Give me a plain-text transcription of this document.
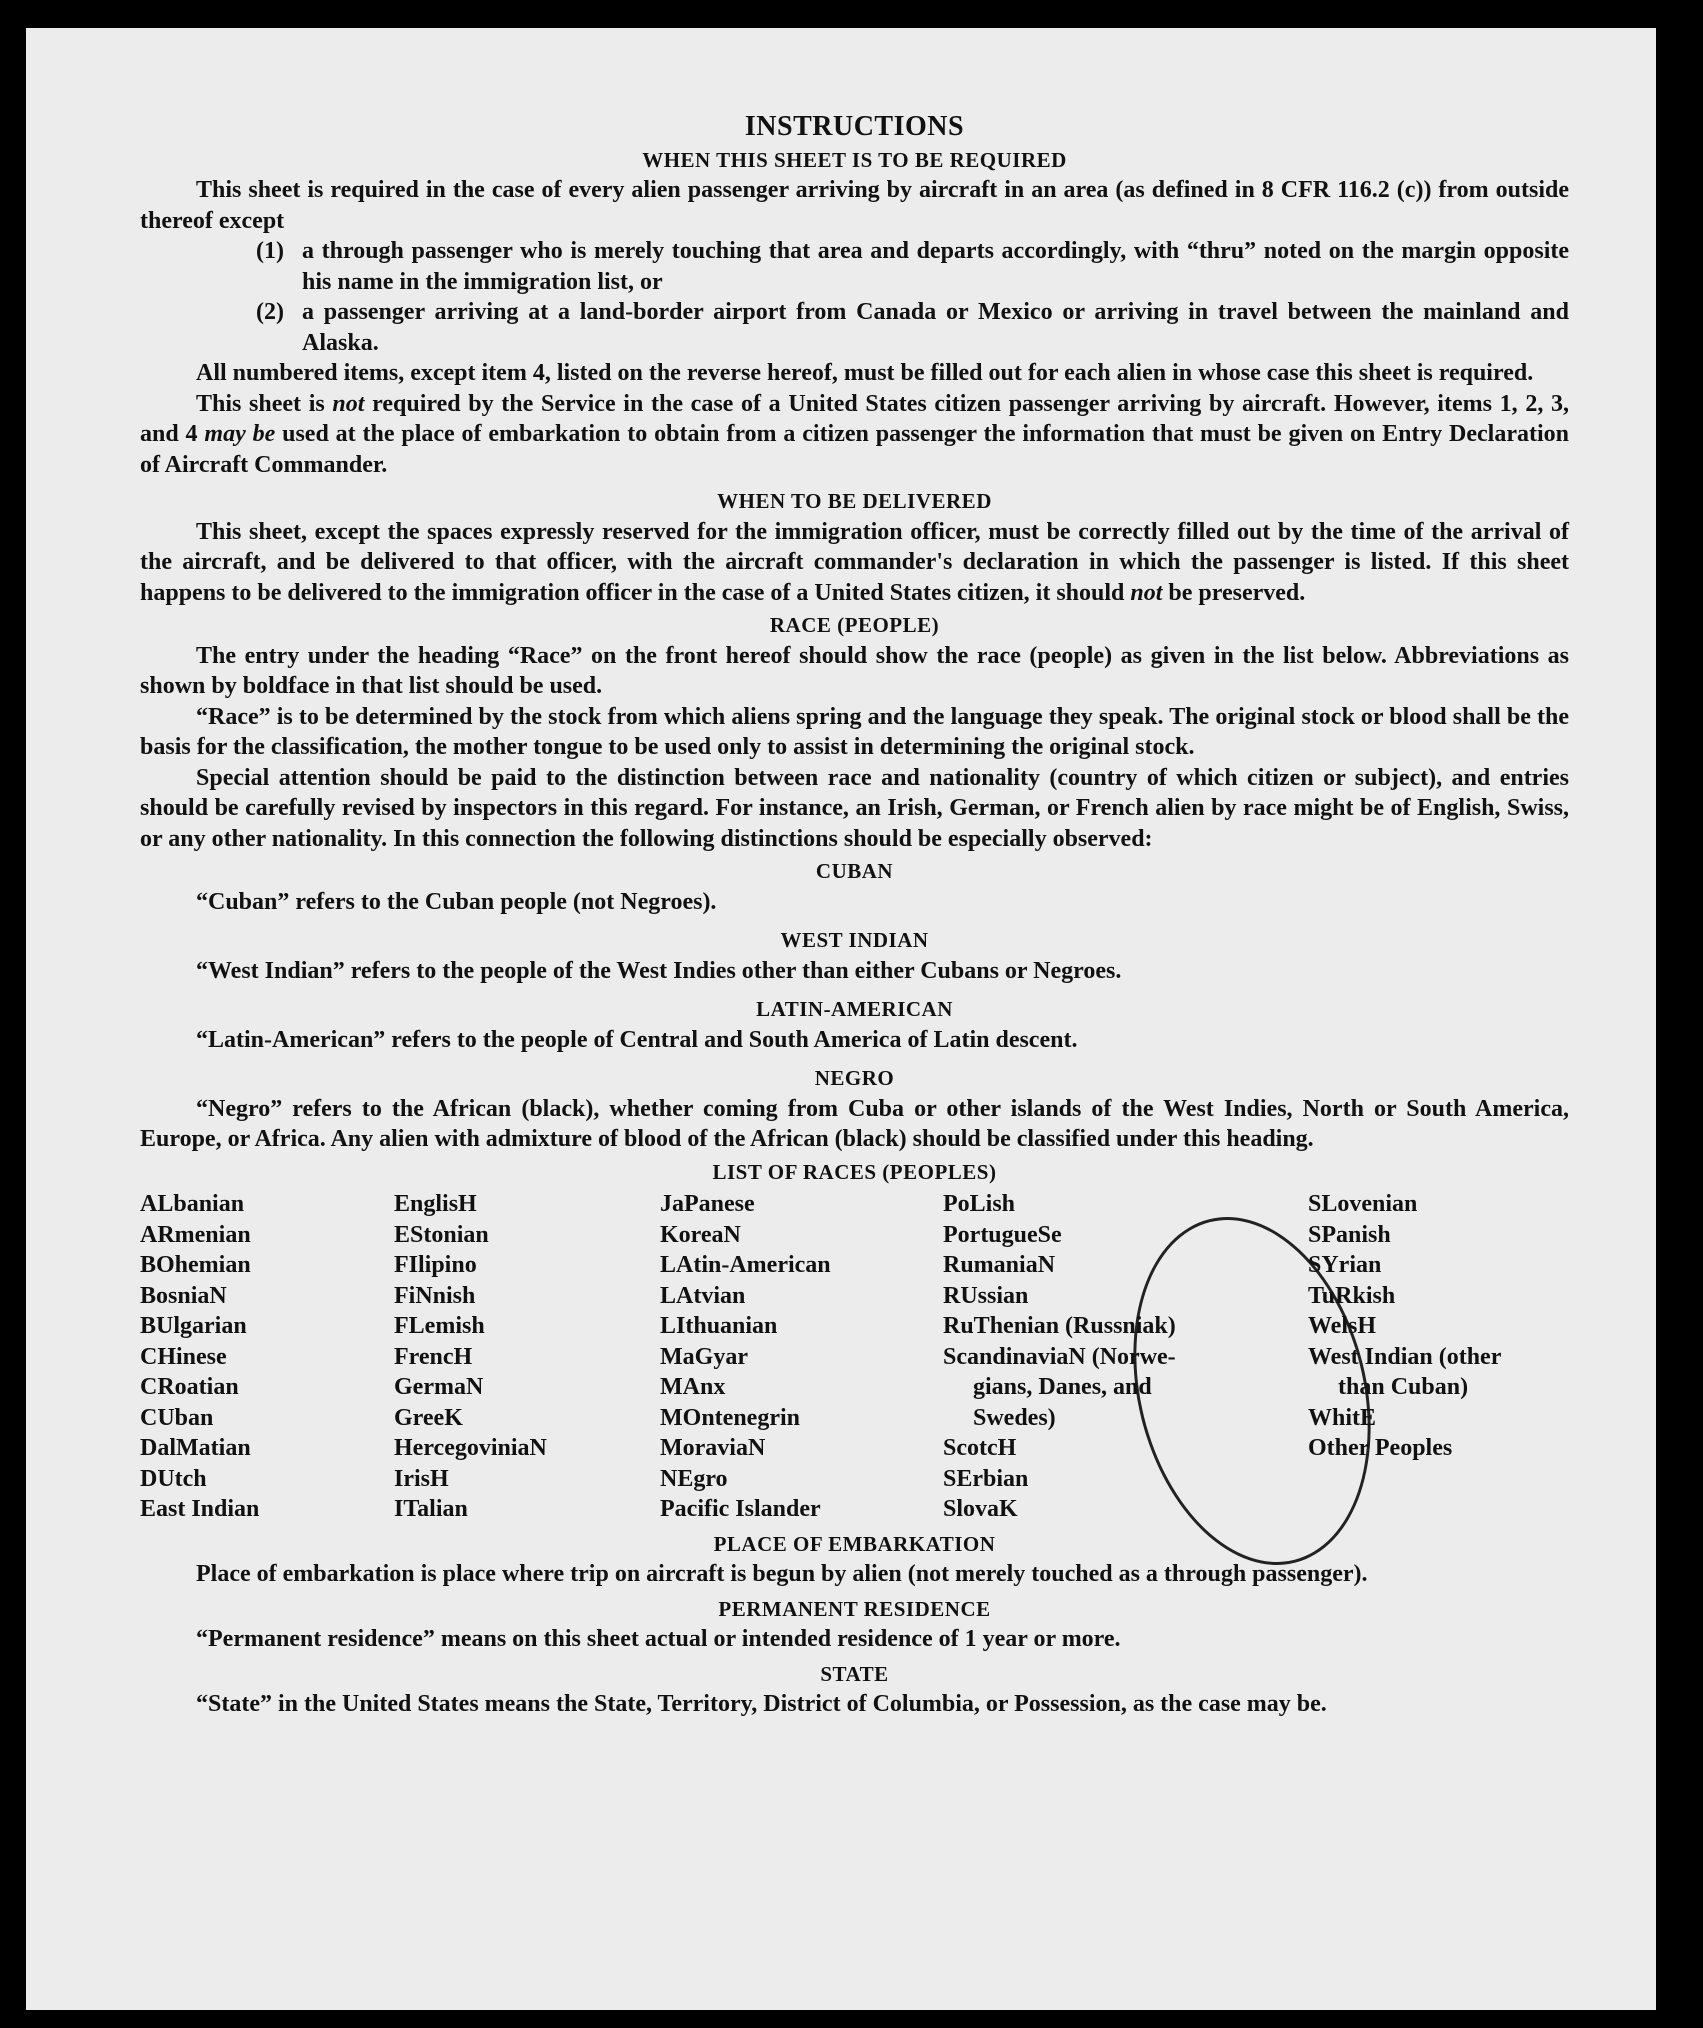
INSTRUCTIONS
WHEN THIS SHEET IS TO BE REQUIRED

This sheet is required in the case of every alien passenger arriving by aircraft in an area (as defined in 8 CFR 116.2 (c)) from outside thereof except

(1) a through passenger who is merely touching that area and departs accordingly, with “thru” noted on the margin opposite his name in the immigration list, or
(2) a passenger arriving at a land-border airport from Canada or Mexico or arriving in travel between the mainland and Alaska.

All numbered items, except item 4, listed on the reverse hereof, must be filled out for each alien in whose case this sheet is required.

This sheet is not required by the Service in the case of a United States citizen passenger arriving by aircraft. However, items 1, 2, 3, and 4 may be used at the place of embarkation to obtain from a citizen passenger the information that must be given on Entry Declaration of Aircraft Commander.

WHEN TO BE DELIVERED

This sheet, except the spaces expressly reserved for the immigration officer, must be correctly filled out by the time of the arrival of the aircraft, and be delivered to that officer, with the aircraft commander's declaration in which the passenger is listed. If this sheet happens to be delivered to the immigration officer in the case of a United States citizen, it should not be preserved.

RACE (PEOPLE)

The entry under the heading “Race” on the front hereof should show the race (people) as given in the list below. Abbreviations as shown by boldface in that list should be used.

“Race” is to be determined by the stock from which aliens spring and the language they speak. The original stock or blood shall be the basis for the classification, the mother tongue to be used only to assist in determining the original stock.

Special attention should be paid to the distinction between race and nationality (country of which citizen or subject), and entries should be carefully revised by inspectors in this regard. For instance, an Irish, German, or French alien by race might be of English, Swiss, or any other nationality. In this connection the following distinctions should be especially observed:

CUBAN

“Cuban” refers to the Cuban people (not Negroes).

WEST INDIAN

“West Indian” refers to the people of the West Indies other than either Cubans or Negroes.

LATIN-AMERICAN

“Latin-American” refers to the people of Central and South America of Latin descent.

NEGRO

“Negro” refers to the African (black), whether coming from Cuba or other islands of the West Indies, North or South America, Europe, or Africa. Any alien with admixture of blood of the African (black) should be classified under this heading.

LIST OF RACES (PEOPLES)
ALbanian
ARmenian
BOhemian
BosniaN
BUlgarian
CHinese
CRoatian
CUban
DalMatian
DUtch
East Indian
EnglisH
EStonian
FIlipino
FiNnish
FLemish
FrencH
GermaN
GreeK
HercegoviniaN
IrisH
ITalian
JaPanese
KoreaN
LAtin-American
LAtvian
LIthuanian
MaGyar
MAnx
MOntenegrin
MoraviaN
NEgro
Pacific Islander
PoLish
PortugueSe
RumaniaN
RUssian
RuThenian (Russniak)
ScandinaviaN (Norwe-
gians, Danes, and
Swedes)
ScotcH
SErbian
SlovaK
SLovenian
SPanish
SYrian
TuRkish
WelsH
West Indian (other
than Cuban)
WhitE
Other Peoples
PLACE OF EMBARKATION

Place of embarkation is place where trip on aircraft is begun by alien (not merely touched as a through passenger).

PERMANENT RESIDENCE

“Permanent residence” means on this sheet actual or intended residence of 1 year or more.

STATE

“State” in the United States means the State, Territory, District of Columbia, or Possession, as the case may be.
